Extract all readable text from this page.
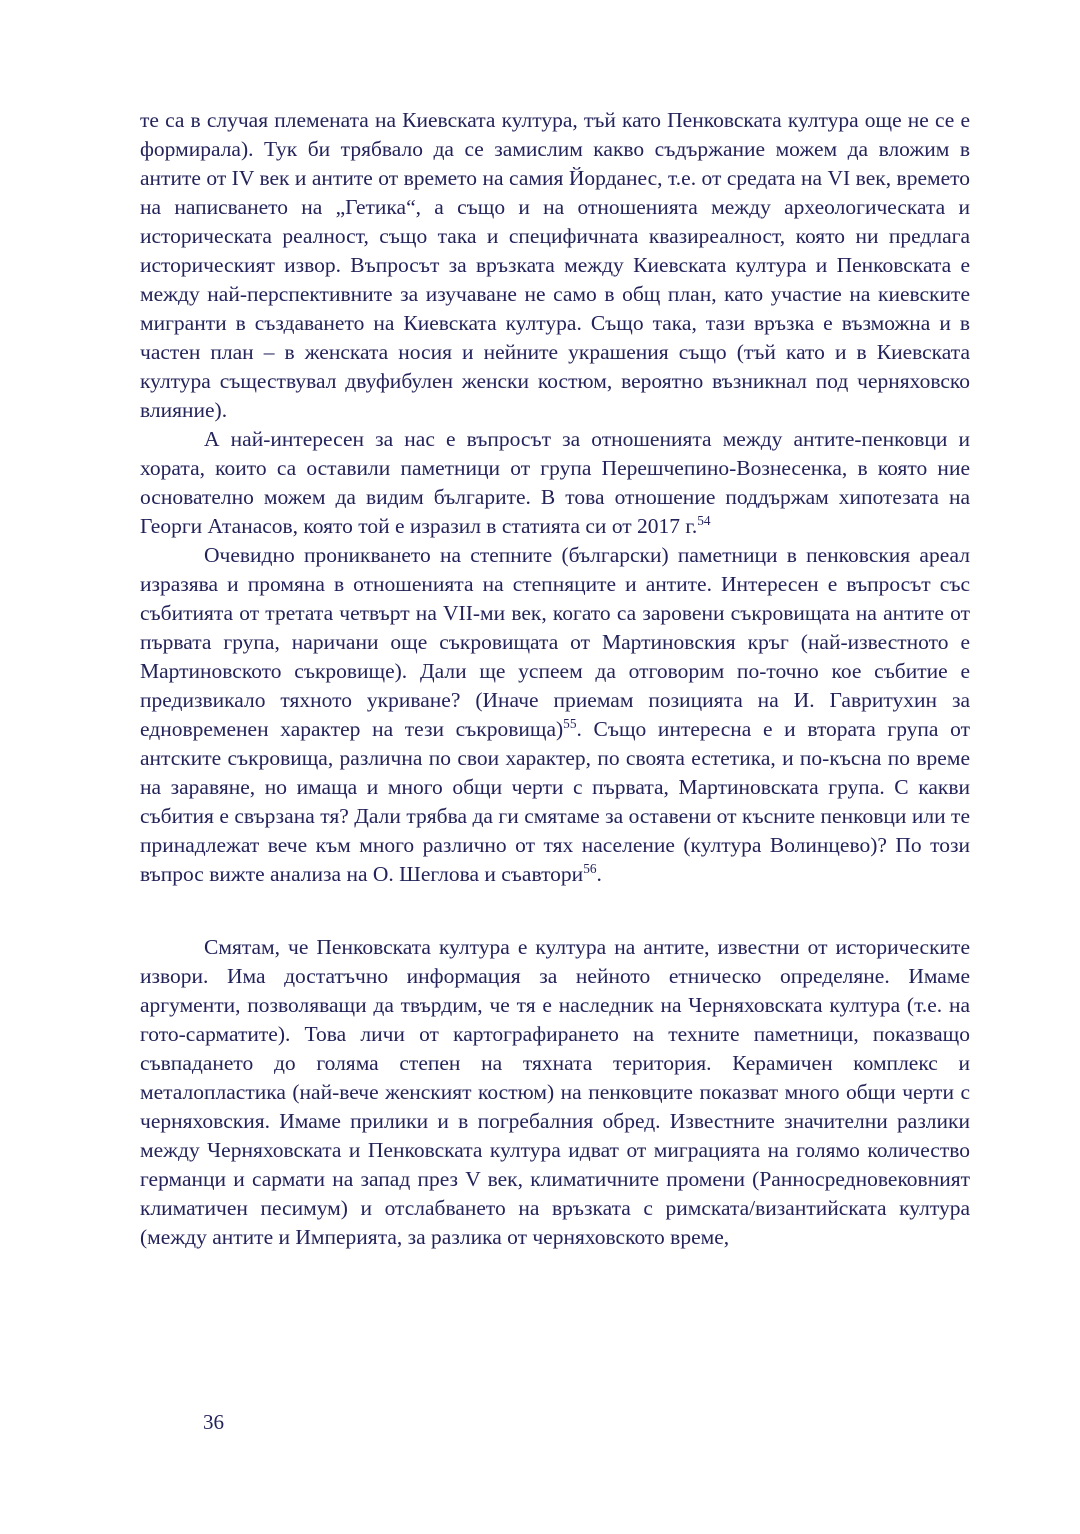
те са в случая племената на Киевската култура, тъй като Пенковската култура още не се е формирала). Тук би трябвало да се замислим какво съдържание можем да вложим в антите от IV век и антите от времето на самия Йорданес, т.е. от средата на VI век, времето на написването на „Гетика“, а също и на отношенията между археологическата и историческата реалност, също така и специфичната квазиреалност, която ни предлага историческият извор. Въпросът за връзката между Киевската култура и Пенковската е между най-перспективните за изучаване не само в общ план, като участие на киевските мигранти в създаването на Киевската култура. Също така, тази връзка е възможна и в частен план – в женската носия и нейните украшения също (тъй като и в Киевската култура съществувал двуфибулен женски костюм, вероятно възникнал под черняховско влияние).

А най-интересен за нас е въпросът за отношенията между антите-пенковци и хората, които са оставили паметници от група Перешчепино-Вознесенка, в която ние основателно можем да видим българите. В това отношение поддържам хипотезата на Георги Атанасов, която той е изразил в статията си от 2017 г.$^{54}$

Очевидно проникването на степните (български) паметници в пенковския ареал изразява и промяна в отношенията на степняците и антите. Интересен е въпросът със събитията от третата четвърт на VII-ми век, когато са заровени съкровищата на антите от първата група, наричани още съкровищата от Мартиновския кръг (най-известното е Мартиновското съкровище). Дали ще успеем да отговорим по-точно кое събитие е предизвикало тяхното укриване? (Иначе приемам позицията на И. Гавритухин за едновременен характер на тези съкровища)$^{55}$. Също интересна е и втората група от антските съкровища, различна по свои характер, по своята естетика, и по-късна по време на заравяне, но имаща и много общи черти с първата, Мартиновската група. С какви събития е свързана тя? Дали трябва да ги смятаме за оставени от късните пенковци или те принадлежат вече към много различно от тях население (култура Волинцево)? По този въпрос вижте анализа на О. Шеглова и съавтори$^{56}$.

Смятам, че Пенковската култура е култура на антите, известни от историческите извори. Има достатъчно информация за нейното етническо определяне. Имаме аргументи, позволяващи да твърдим, че тя е наследник на Черняховската култура (т.е. на гото-сарматите). Това личи от картографирането на техните паметници, показващо съвпадането до голяма степен на тяхната територия. Керамичен комплекс и металопластика (най-вече женският костюм) на пенковците показват много общи черти с черняховския. Имаме прилики и в погребалния обред. Известните значителни разлики между Черняховската и Пенковската култура идват от миграцията на голямо количество германци и сармати на запад през V век, климатичните промени (Ранносредновековният климатичен песимум) и отслабването на връзката с римската/византийската култура (между антите и Империята, за разлика от черняховското време,

36
